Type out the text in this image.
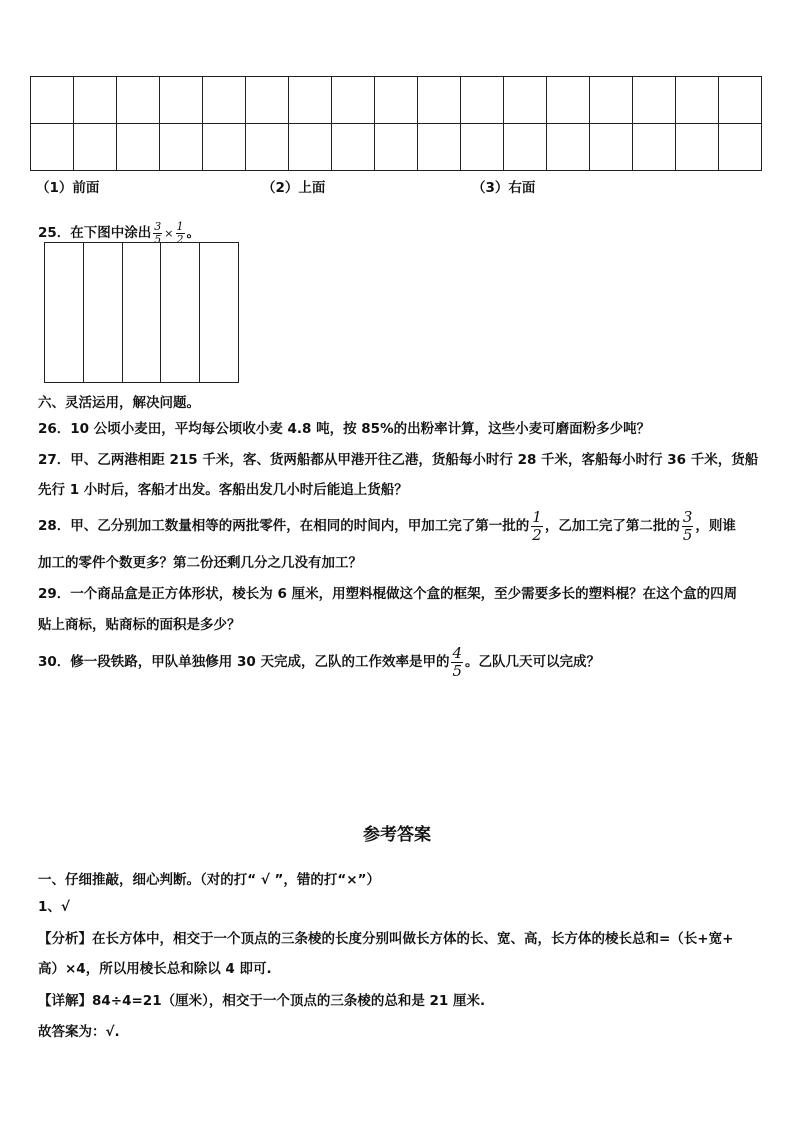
（1）前面	（2）上面	（3）右面
25．在下图中涂出 $\frac{3}{5} \times \frac{1}{2}$ 。
六、灵活运用，解决问题。
26．10 公顷小麦田，平均每公顷收小麦 4.8 吨，按 85%的出粉率计算，这些小麦可磨面粉多少吨？
27．甲、乙两港相距 215 千米，客、货两船都从甲港开往乙港，货船每小时行 28 千米，客船每小时行 36 千米，货船
先行 1 小时后，客船才出发。客船出发几小时后能追上货船？
28．甲、乙分别加工数量相等的两批零件，在相同的时间内，甲加工完了第一批的 $\frac{1}{2}$ ，乙加工完了第二批的 $\frac{3}{5}$ ，则谁
加工的零件个数更多？第二份还剩几分之几没有加工？
29．一个商品盒是正方体形状，棱长为 6 厘米，用塑料棍做这个盒的框架，至少需要多长的塑料棍？在这个盒的四周
贴上商标，贴商标的面积是多少？
30．修一段铁路，甲队单独修用 30 天完成，乙队的工作效率是甲的 $\frac{4}{5}$ 。乙队几天可以完成？
参考答案
一、仔细推敲，细心判断。（对的打“ √ ”，错的打“×”）
1、√
【分析】在长方体中，相交于一个顶点的三条棱的长度分别叫做长方体的长、宽、高，长方体的棱长总和=（长+宽+
高）×4，所以用棱长总和除以 4 即可.
【详解】84÷4=21（厘米），相交于一个顶点的三条棱的总和是 21 厘米.
故答案为：√.
